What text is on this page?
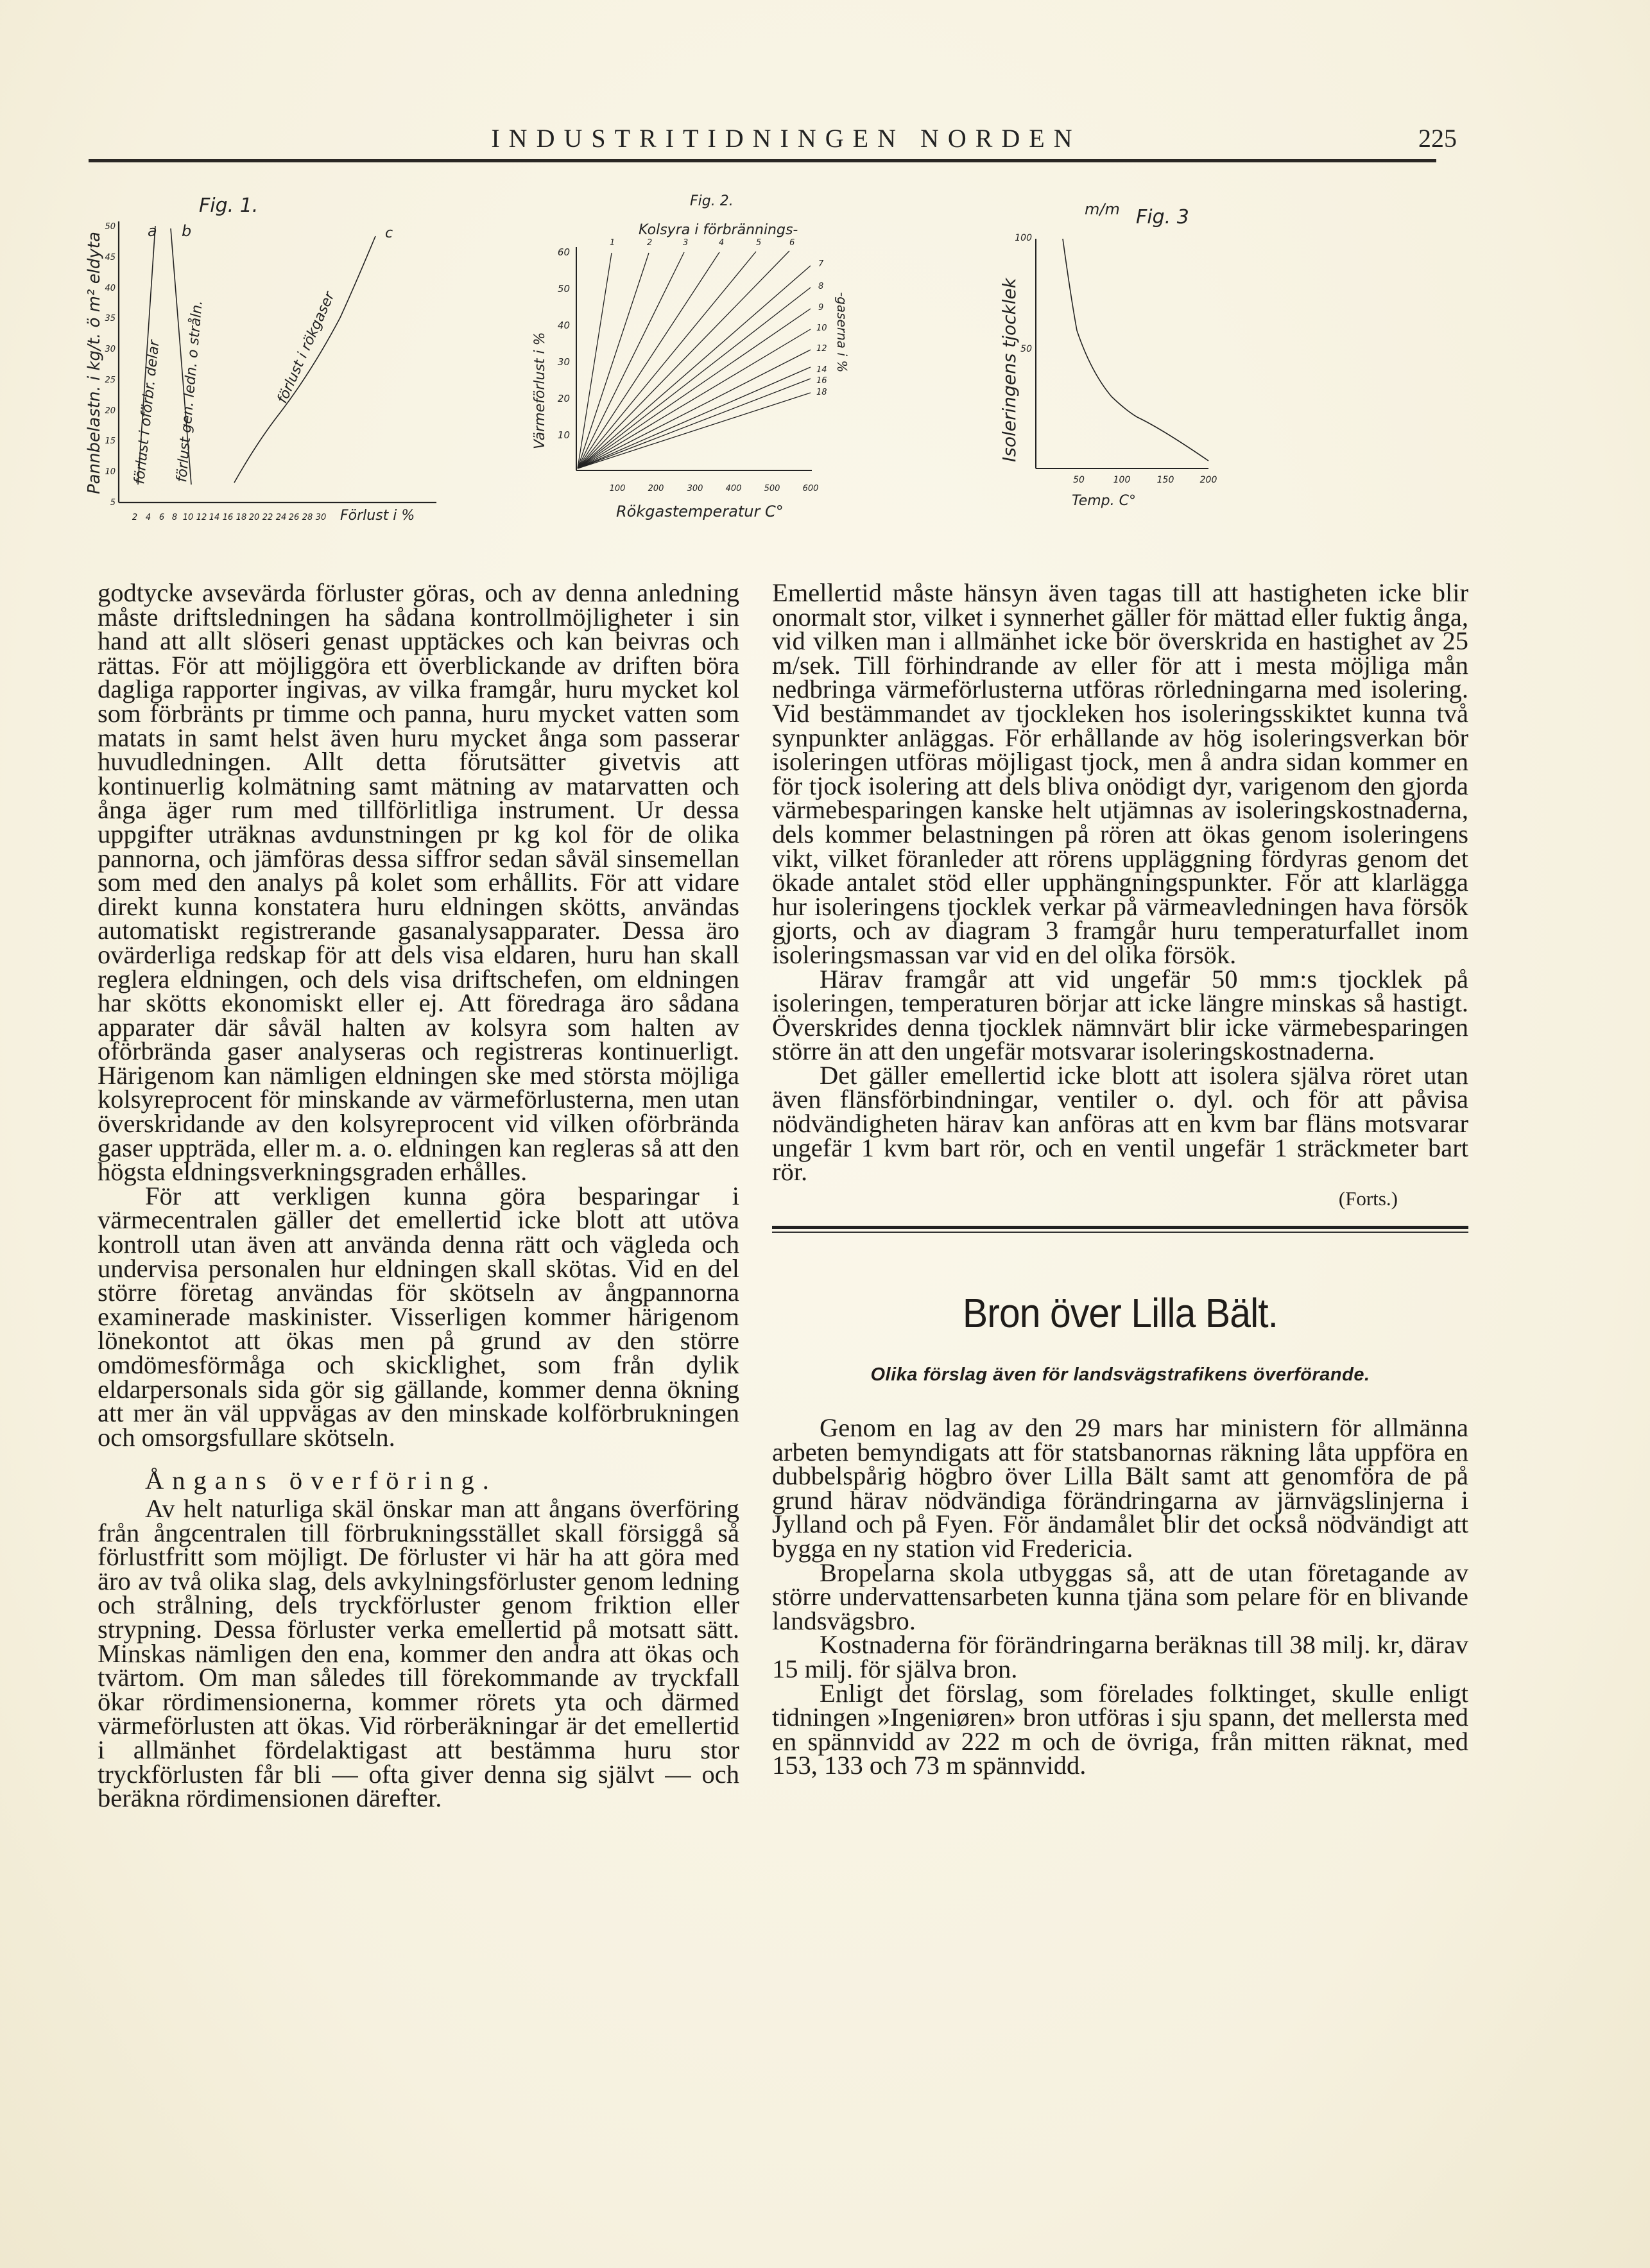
INDUSTRITIDNINGEN NORDEN	225
Fig. 1.
5
10
15
20
25
30
35
40
45
50
2 4 6 8 10 12 14 16 18 20 22 24 26 28 30 Förlust i %
Pannbelastn. i kg/t. ö m² eldyta
a b	c
förlust i oförbr. delar förlust gen. ledn. o stråln.	förlust i rökgaser
Fig. 2.
Kolsyra i förbrännings-
60
50
40
30
20
10
100	200	300	400	500	600
Rökgastemperatur C°
Värmeförlust i %	-gaserna i %
1	2	3	4	5	6
7
8
9
10
12
14
16
18
m/m Fig. 3
100
50
50	100	150	200
Temp. C°
Isoleringens tjocklek

godtycke avsevärda förluster göras, och av denna anledning måste driftsledningen ha sådana kontrollmöjligheter i sin hand att allt slöseri genast upptäckes och kan beivras och rättas. För att möjliggöra ett överblickande av driften böra dagliga rapporter ingivas, av vilka framgår, huru mycket kol som förbränts pr timme och panna, huru mycket vatten som matats in samt helst även huru mycket ånga som passerar huvudledningen. Allt detta förutsätter givetvis att kontinuerlig kolmätning samt mätning av matarvatten och ånga äger rum med tillförlitliga instrument. Ur dessa uppgifter uträknas avdunstningen pr kg kol för de olika pannorna, och jämföras dessa siffror sedan såväl sinsemellan som med den analys på kolet som erhållits. För att vidare direkt kunna konstatera huru eldningen skötts, användas automatiskt registrerande gasanalysapparater. Dessa äro ovärderliga redskap för att dels visa eldaren, huru han skall reglera eldningen, och dels visa driftschefen, om eldningen har skötts ekonomiskt eller ej. Att föredraga äro sådana apparater där såväl halten av kolsyra som halten av oförbrända gaser analyseras och registreras kontinuerligt. Härigenom kan nämligen eldningen ske med största möjliga kolsyreprocent för minskande av värmeförlusterna, men utan överskridande av den kolsyreprocent vid vilken oförbrända gaser uppträda, eller m. a. o. eldningen kan regleras så att den högsta eldningsverkningsgraden erhålles.

För att verkligen kunna göra besparingar i värmecentralen gäller det emellertid icke blott att utöva kontroll utan även att använda denna rätt och vägleda och undervisa personalen hur eldningen skall skötas. Vid en del större företag användas för skötseln av ångpannorna examinerade maskinister. Visserligen kommer härigenom lönekontot att ökas men på grund av den större omdömesförmåga och skicklighet, som från dylik eldarpersonals sida gör sig gällande, kommer denna ökning att mer än väl uppvägas av den minskade kolförbrukningen och omsorgsfullare skötseln.

Ångans överföring.

Av helt naturliga skäl önskar man att ångans överföring från ångcentralen till förbrukningsstället skall försiggå så förlustfritt som möjligt. De förluster vi här ha att göra med äro av två olika slag, dels avkylningsförluster genom ledning och strålning, dels tryckförluster genom friktion eller strypning. Dessa förluster verka emellertid på motsatt sätt. Minskas nämligen den ena, kommer den andra att ökas och tvärtom. Om man således till förekommande av tryckfall ökar rördimensionerna, kommer rörets yta och därmed värmeförlusten att ökas. Vid rörberäkningar är det emellertid i allmänhet fördelaktigast att bestämma huru stor tryckförlusten får bli — ofta giver denna sig självt — och beräkna rördimensionen därefter.

Emellertid måste hänsyn även tagas till att hastigheten icke blir onormalt stor, vilket i synnerhet gäller för mättad eller fuktig ånga, vid vilken man i allmänhet icke bör överskrida en hastighet av 25 m/sek. Till förhindrande av eller för att i mesta möjliga mån nedbringa värmeförlusterna utföras rörledningarna med isolering. Vid bestämmandet av tjockleken hos isoleringsskiktet kunna två synpunkter anläggas. För erhållande av hög isoleringsverkan bör isoleringen utföras möjligast tjock, men å andra sidan kommer en för tjock isolering att dels bliva onödigt dyr, varigenom den gjorda värmebesparingen kanske helt utjämnas av isoleringskostnaderna, dels kommer belastningen på rören att ökas genom isoleringens vikt, vilket föranleder att rörens uppläggning fördyras genom det ökade antalet stöd eller upphängningspunkter. För att klarlägga hur isoleringens tjocklek verkar på värmeavledningen hava försök gjorts, och av diagram 3 framgår huru temperaturfallet inom isoleringsmassan var vid en del olika försök.

Härav framgår att vid ungefär 50 mm:s tjocklek på isoleringen, temperaturen börjar att icke längre minskas så hastigt. Överskrides denna tjocklek nämnvärt blir icke värmebesparingen större än att den ungefär motsvarar isoleringskostnaderna.

Det gäller emellertid icke blott att isolera själva röret utan även flänsförbindningar, ventiler o. dyl. och för att påvisa nödvändigheten härav kan anföras att en kvm bar fläns motsvarar ungefär 1 kvm bart rör, och en ventil ungefär 1 sträckmeter bart rör.

(Forts.)

Bron över Lilla Bält.

Olika förslag även för landsvägstrafikens överförande.

Genom en lag av den 29 mars har ministern för allmänna arbeten bemyndigats att för statsbanornas räkning låta uppföra en dubbelspårig högbro över Lilla Bält samt att genomföra de på grund härav nödvändiga förändringarna av järnvägslinjerna i Jylland och på Fyen. För ändamålet blir det också nödvändigt att bygga en ny station vid Fredericia.

Bropelarna skola utbyggas så, att de utan företagande av större undervattensarbeten kunna tjäna som pelare för en blivande landsvägsbro.

Kostnaderna för förändringarna beräknas till 38 milj. kr, därav 15 milj. för själva bron.

Enligt det förslag, som förelades folktinget, skulle enligt tidningen »Ingeniøren» bron utföras i sju spann, det mellersta med en spännvidd av 222 m och de övriga, från mitten räknat, med 153, 133 och 73 m spännvidd.
